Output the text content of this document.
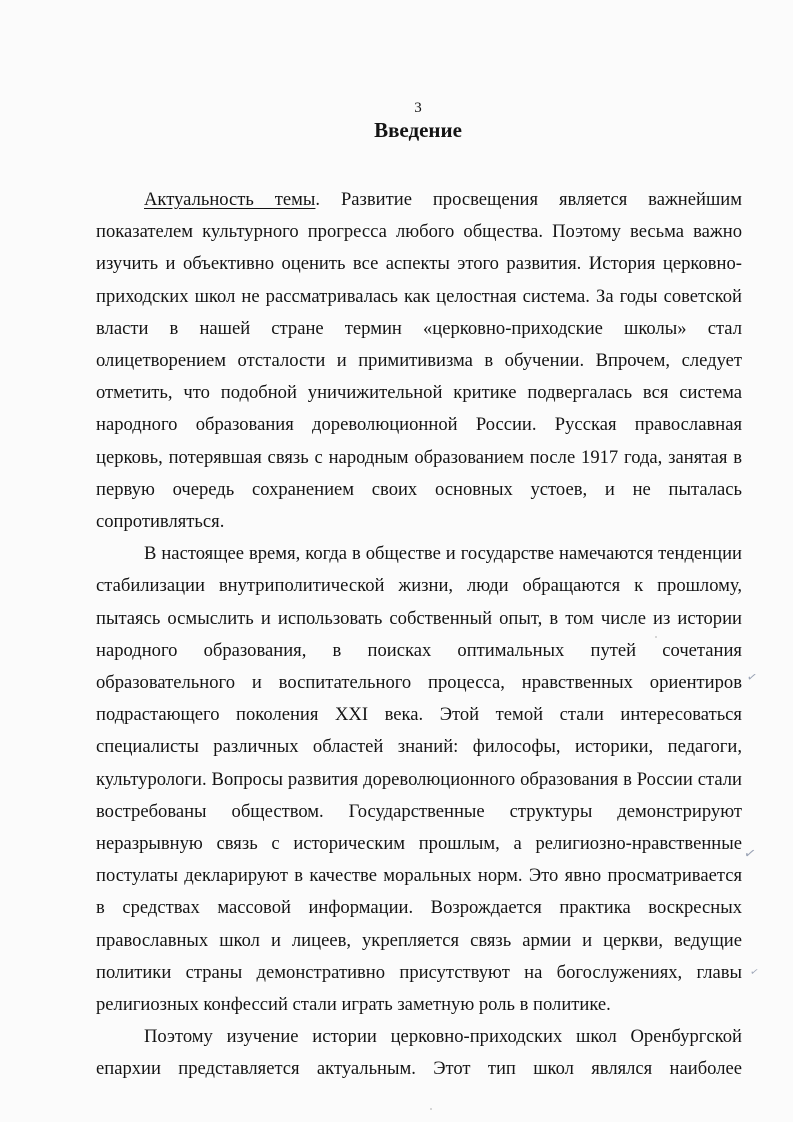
3
Введение

Актуальность темы. Развитие просвещения является важнейшим показателем культурного прогресса любого общества. Поэтому весьма важно изучить и объективно оценить все аспекты этого развития. История церковно-приходских школ не рассматривалась как целостная система. За годы советской власти в нашей стране термин «церковно-приходские школы» стал олицетворением отсталости и примитивизма в обучении. Впрочем, следует отметить, что подобной уничижительной критике подвергалась вся система народного образования дореволюционной России. Русская православная церковь, потерявшая связь с народным образованием после 1917 года, занятая в первую очередь сохранением своих основных устоев, и не пыталась сопротивляться.

В настоящее время, когда в обществе и государстве намечаются тенденции стабилизации внутриполитической жизни, люди обращаются к прошлому, пытаясь осмыслить и использовать собственный опыт, в том числе из истории народного образования, в поисках оптимальных путей сочетания образовательного и воспитательного процесса, нравственных ориентиров подрастающего поколения XXI века. Этой темой стали интересоваться специалисты различных областей знаний: философы, историки, педагоги, культурологи. Вопросы развития дореволюционного образования в России стали востребованы обществом. Государственные структуры демонстрируют неразрывную связь с историческим прошлым, а религиозно-нравственные постулаты декларируют в качестве моральных норм. Это явно просматривается в средствах массовой информации. Возрождается практика воскресных православных школ и лицеев, укрепляется связь армии и церкви, ведущие политики страны демонстративно присутствуют на богослужениях, главы религиозных конфессий стали играть заметную роль в политике.

Поэтому изучение истории церковно-приходских школ Оренбургской епархии представляется актуальным. Этот тип школ являлся наиболее

✓
✓
✓
